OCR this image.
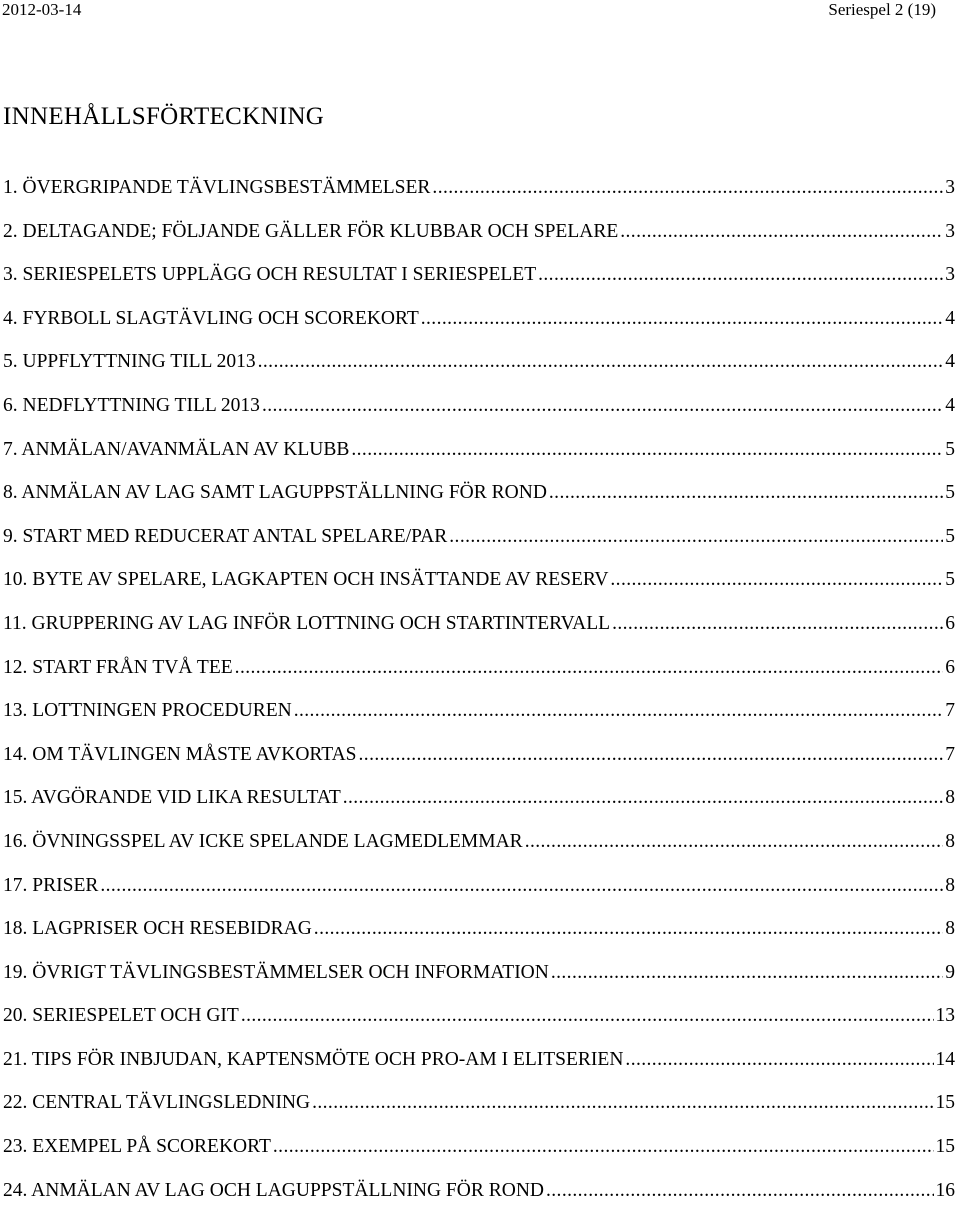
2012-03-14	Seriespel 2 (19)
INNEHÅLLSFÖRTECKNING
1. ÖVERGRIPANDE TÄVLINGSBESTÄMMELSER .....	3
2. DELTAGANDE; FÖLJANDE GÄLLER FÖR KLUBBAR OCH SPELARE .....	3
3. SERIESPELETS UPPLÄGG OCH RESULTAT I SERIESPELET .....	3
4. FYRBOLL SLAGTÄVLING OCH SCOREKORT .....	4
5. UPPFLYTTNING TILL 2013 .....	4
6. NEDFLYTTNING TILL 2013 .....	4
7. ANMÄLAN/AVANMÄLAN AV KLUBB .....	5
8. ANMÄLAN AV LAG SAMT LAGUPPSTÄLLNING FÖR ROND .....	5
9. START MED REDUCERAT ANTAL SPELARE/PAR .....	5
10. BYTE AV SPELARE, LAGKAPTEN OCH INSÄTTANDE AV RESERV .....	5
11. GRUPPERING AV LAG INFÖR LOTTNING OCH STARTINTERVALL .....	6
12. START FRÅN TVÅ TEE .....	6
13. LOTTNINGEN PROCEDUREN .....	7
14. OM TÄVLINGEN MÅSTE AVKORTAS .....	7
15. AVGÖRANDE VID LIKA RESULTAT .....	8
16. ÖVNINGSSPEL AV ICKE SPELANDE LAGMEDLEMMAR .....	8
17. PRISER .....	8
18. LAGPRISER OCH RESEBIDRAG .....	8
19. ÖVRIGT TÄVLINGSBESTÄMMELSER OCH INFORMATION .....	9
20. SERIESPELET OCH GIT .....	13
21. TIPS FÖR INBJUDAN, KAPTENSMÖTE OCH PRO-AM I ELITSERIEN .....	14
22. CENTRAL TÄVLINGSLEDNING .....	15
23. EXEMPEL PÅ SCOREKORT .....	15
24. ANMÄLAN AV LAG OCH LAGUPPSTÄLLNING FÖR ROND .....	16
